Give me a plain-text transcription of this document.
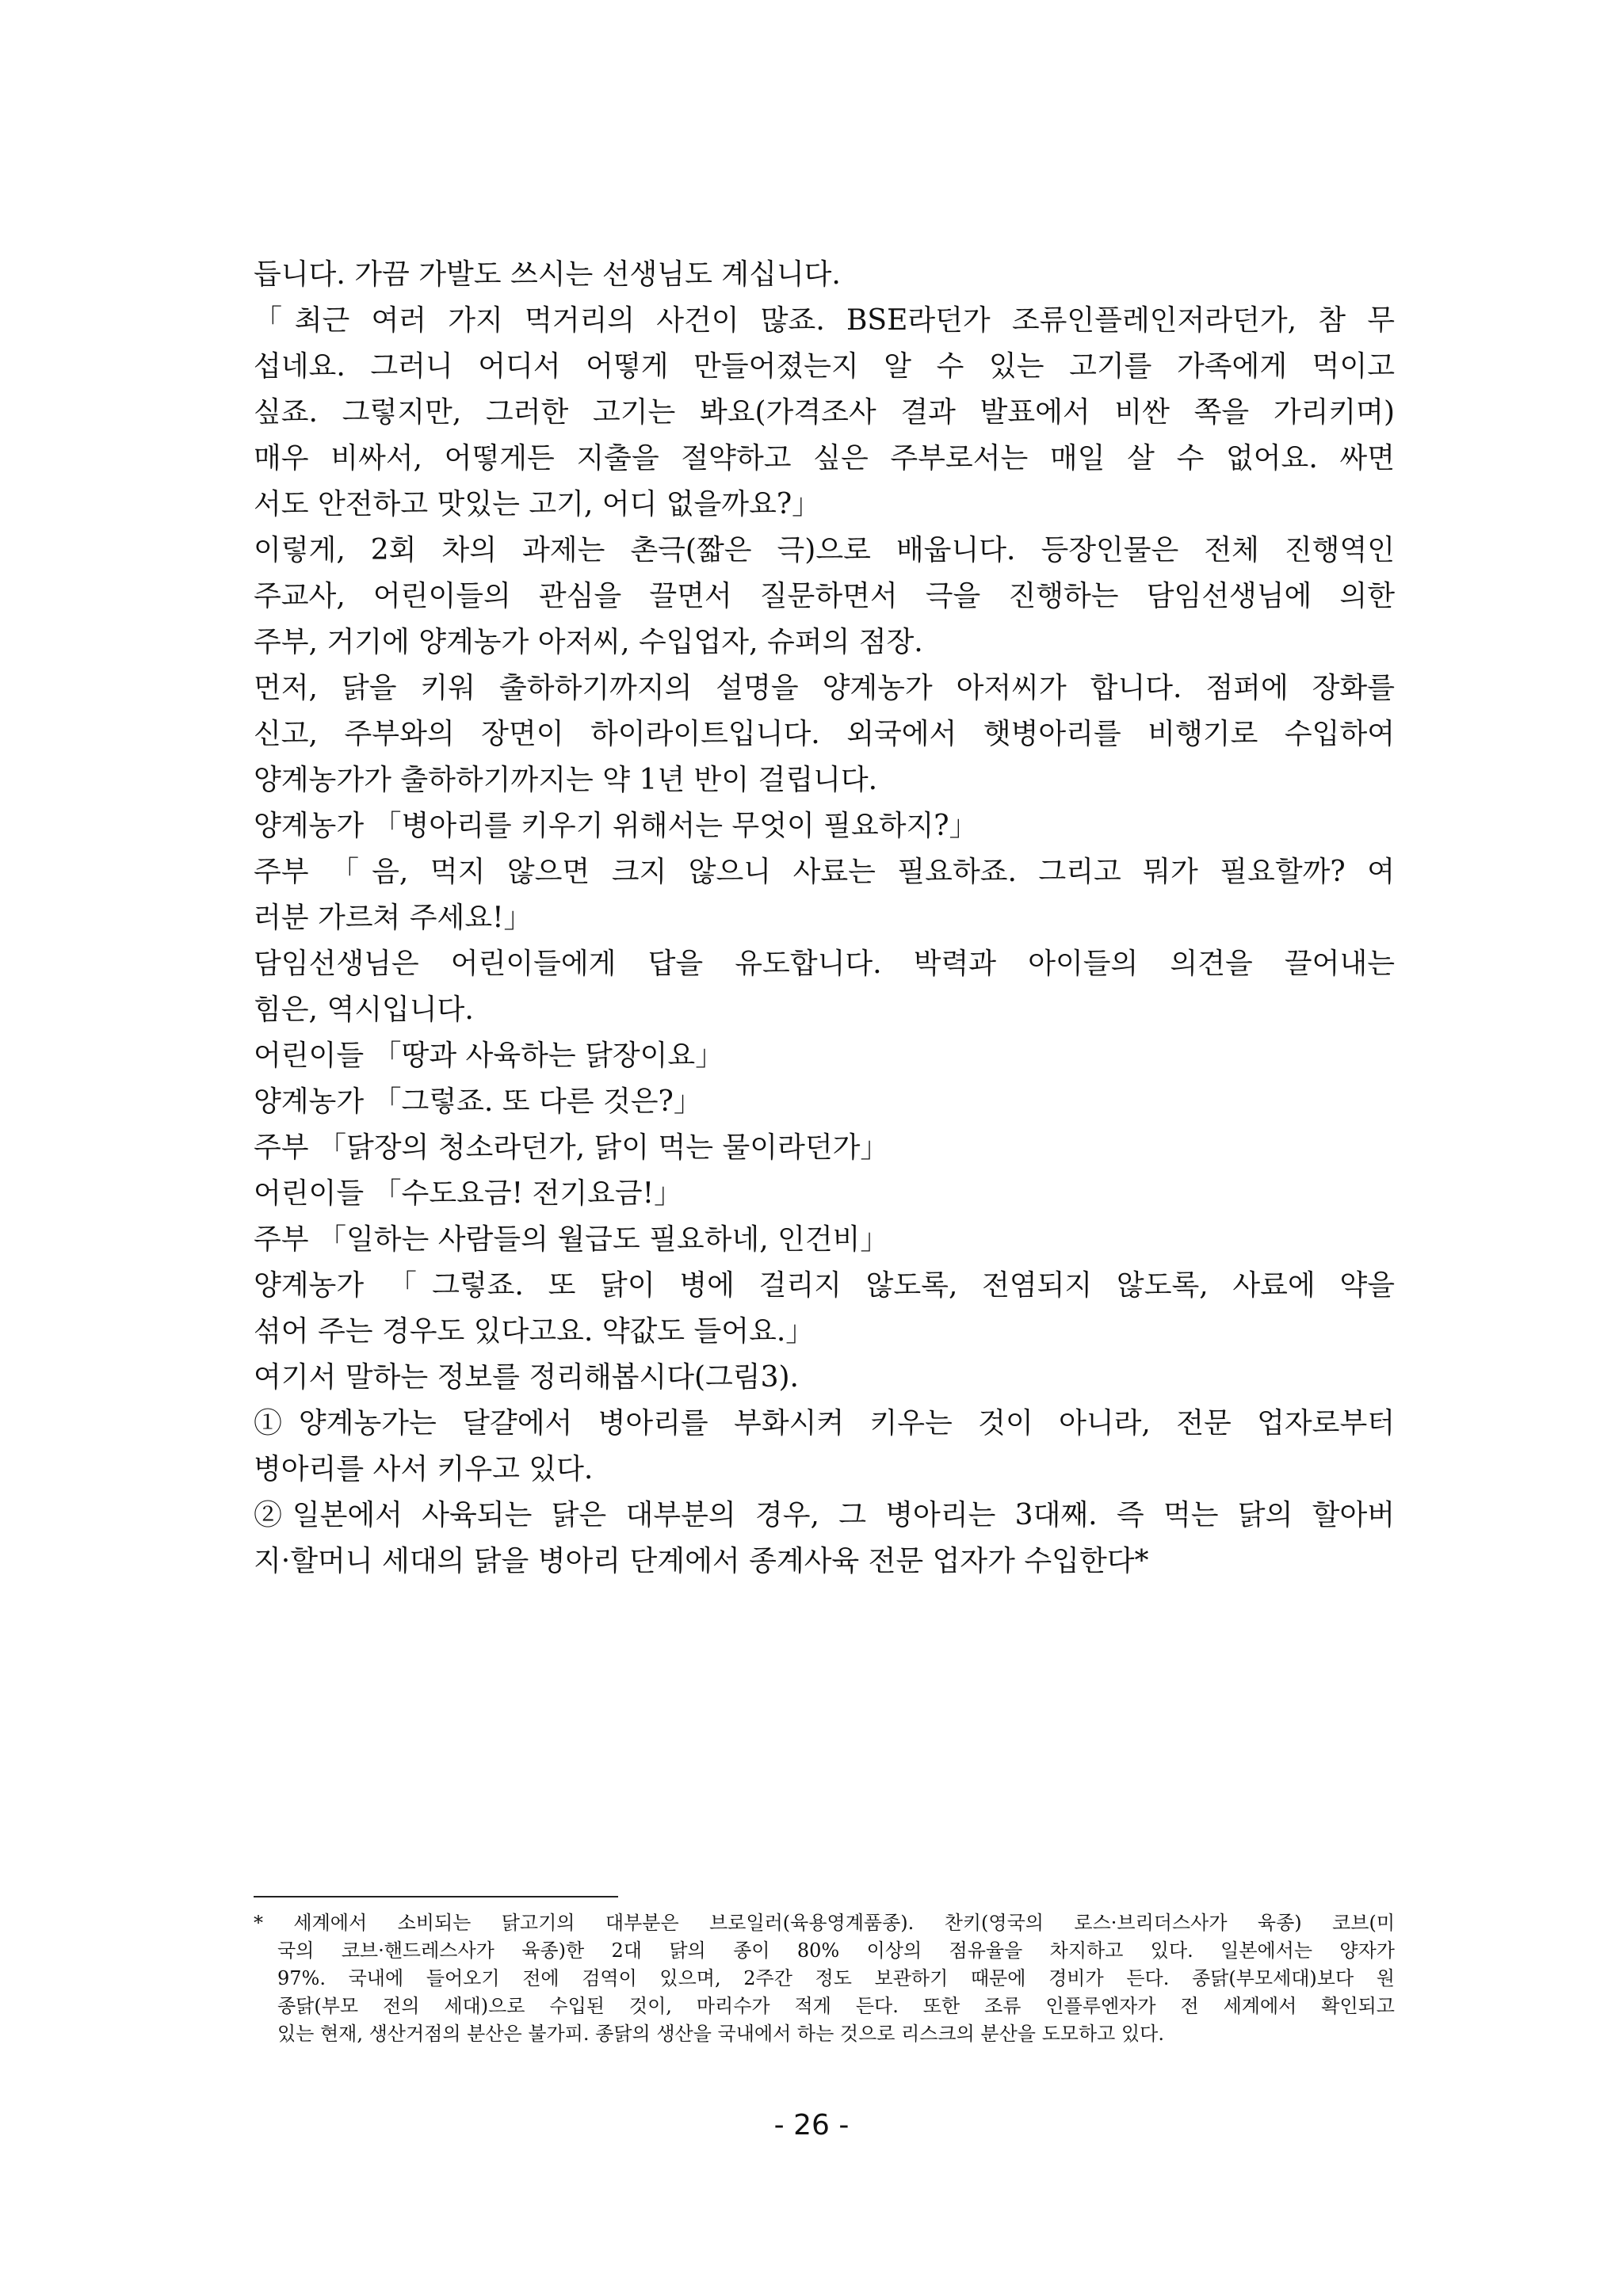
듭니다. 가끔 가발도 쓰시는 선생님도 계십니다.
「최근 여러 가지 먹거리의 사건이 많죠. BSE라던가 조류인플레인저라던가, 참 무
섭네요. 그러니 어디서 어떻게 만들어졌는지 알 수 있는 고기를 가족에게 먹이고
싶죠. 그렇지만, 그러한 고기는 봐요(가격조사 결과 발표에서 비싼 쪽을 가리키며)
매우 비싸서, 어떻게든 지출을 절약하고 싶은 주부로서는 매일 살 수 없어요. 싸면
서도 안전하고 맛있는 고기, 어디 없을까요?」
이렇게, 2회 차의 과제는 촌극(짧은 극)으로 배웁니다. 등장인물은 전체 진행역인
주교사, 어린이들의 관심을 끌면서 질문하면서 극을 진행하는 담임선생님에 의한
주부, 거기에 양계농가 아저씨, 수입업자, 슈퍼의 점장.
먼저, 닭을 키워 출하하기까지의 설명을 양계농가 아저씨가 합니다. 점퍼에 장화를
신고, 주부와의 장면이 하이라이트입니다. 외국에서 햇병아리를 비행기로 수입하여
양계농가가 출하하기까지는 약 1년 반이 걸립니다.
양계농가 「병아리를 키우기 위해서는 무엇이 필요하지?」
주부 「음, 먹지 않으면 크지 않으니 사료는 필요하죠. 그리고 뭐가 필요할까? 여
러분 가르쳐 주세요!」
담임선생님은 어린이들에게 답을 유도합니다. 박력과 아이들의 의견을 끌어내는
힘은, 역시입니다.
어린이들 「땅과 사육하는 닭장이요」
양계농가 「그렇죠. 또 다른 것은?」
주부 「닭장의 청소라던가, 닭이 먹는 물이라던가」
어린이들 「수도요금! 전기요금!」
주부 「일하는 사람들의 월급도 필요하네, 인건비」
양계농가 「그렇죠. 또 닭이 병에 걸리지 않도록, 전염되지 않도록, 사료에 약을
섞어 주는 경우도 있다고요. 약값도 들어요.」
여기서 말하는 정보를 정리해봅시다(그림3).
①양계농가는 달걀에서 병아리를 부화시켜 키우는 것이 아니라, 전문 업자로부터
병아리를 사서 키우고 있다.
②일본에서 사육되는 닭은 대부분의 경우, 그 병아리는 3대째. 즉 먹는 닭의 할아버
지·할머니 세대의 닭을 병아리 단계에서 종계사육 전문 업자가 수입한다*
* 세계에서 소비되는 닭고기의 대부분은 브로일러(육용영계품종). 찬키(영국의 로스·브리더스사가 육종) 코브(미
국의 코브·핸드레스사가 육종)한 2대 닭의 종이 80% 이상의 점유율을 차지하고 있다. 일본에서는 양자가
97%. 국내에 들어오기 전에 검역이 있으며, 2주간 정도 보관하기 때문에 경비가 든다. 종닭(부모세대)보다 원
종닭(부모 전의 세대)으로 수입된 것이, 마리수가 적게 든다. 또한 조류 인플루엔자가 전 세계에서 확인되고
있는 현재, 생산거점의 분산은 불가피. 종닭의 생산을 국내에서 하는 것으로 리스크의 분산을 도모하고 있다.
- 26 -
